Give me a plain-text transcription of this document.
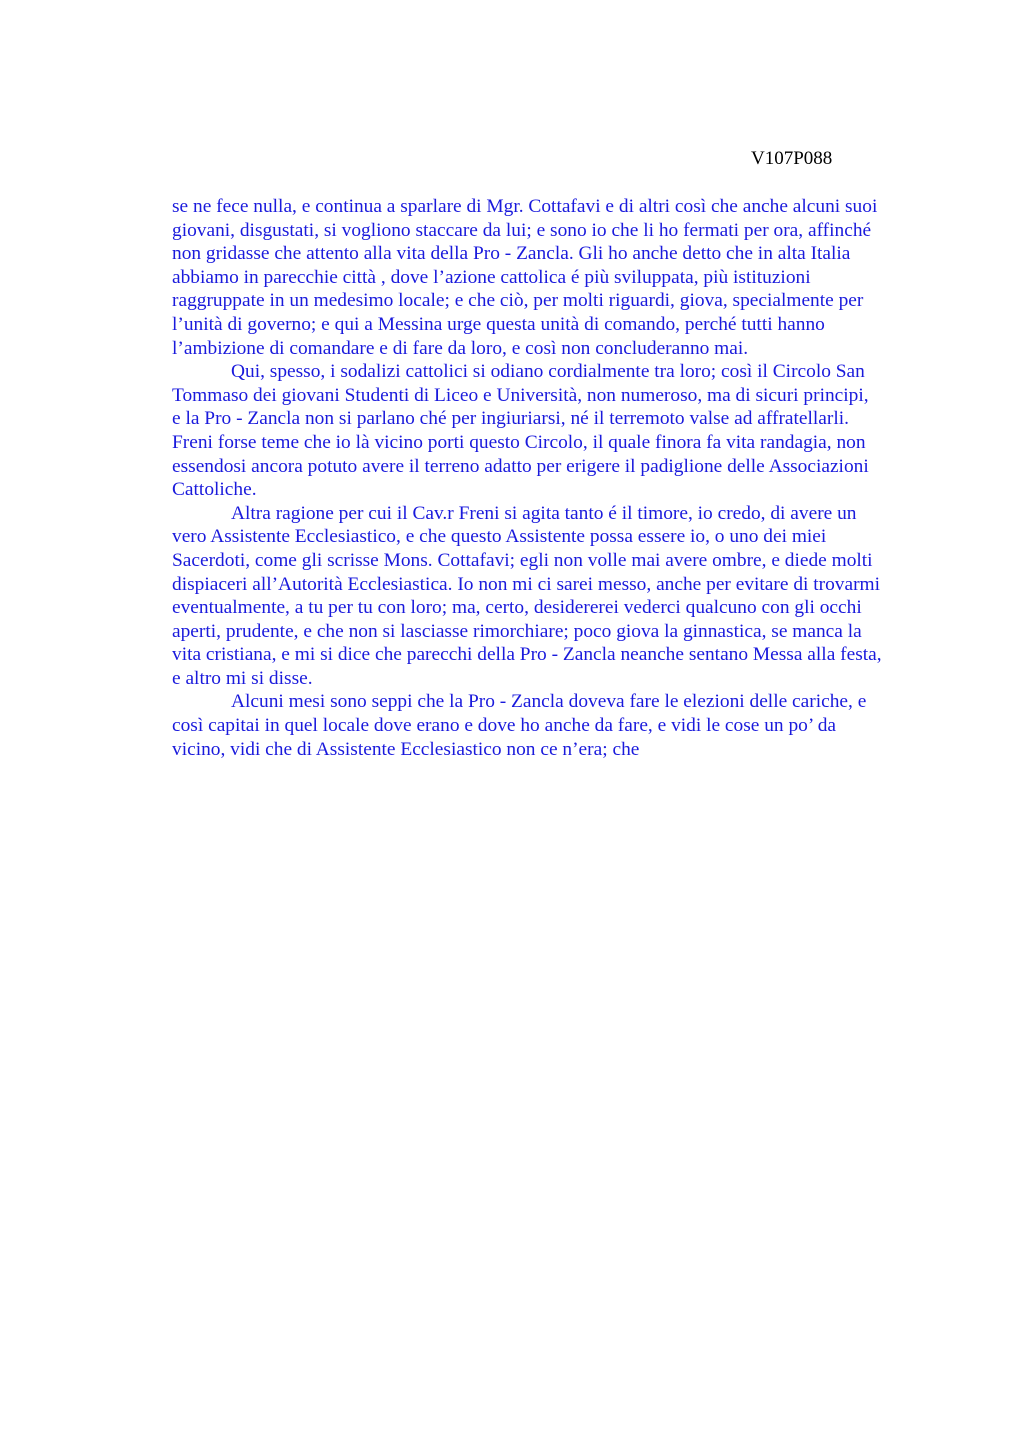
V107P088
se ne fece nulla, e continua a sparlare di Mgr. Cottafavi e di altri così che anche alcuni suoi
giovani, disgustati, si vogliono staccare da lui; e sono io che li ho fermati per ora, affinché
non gridasse che attento alla vita della Pro - Zancla. Gli ho anche detto che in alta Italia
abbiamo in parecchie città , dove l’azione cattolica é più sviluppata, più istituzioni
raggruppate in un medesimo locale; e che ciò, per molti riguardi, giova, specialmente per
l’unità di governo; e qui a Messina urge questa unità di comando, perché tutti hanno
l’ambizione di comandare e di fare da loro, e così non concluderanno mai.
Qui, spesso, i sodalizi cattolici si odiano cordialmente tra loro; così il Circolo San
Tommaso dei giovani Studenti di Liceo e Università, non numeroso, ma di sicuri principi,
e la Pro - Zancla non si parlano ché per ingiuriarsi, né il terremoto valse ad affratellarli.
Freni forse teme che io là vicino porti questo Circolo, il quale finora fa vita randagia, non
essendosi ancora potuto avere il terreno adatto per erigere il padiglione delle Associazioni
Cattoliche.
Altra ragione per cui il Cav.r Freni si agita tanto é il timore, io credo, di avere un
vero Assistente Ecclesiastico, e che questo Assistente possa essere io, o uno dei miei
Sacerdoti, come gli scrisse Mons. Cottafavi; egli non volle mai avere ombre, e diede molti
dispiaceri all’Autorità Ecclesiastica. Io non mi ci sarei messo, anche per evitare di trovarmi
eventualmente, a tu per tu con loro; ma, certo, desidererei vederci qualcuno con gli occhi
aperti, prudente, e che non si lasciasse rimorchiare; poco giova la ginnastica, se manca la
vita cristiana, e mi si dice che parecchi della Pro - Zancla neanche sentano Messa alla festa,
e altro mi si disse.
Alcuni mesi sono seppi che la Pro - Zancla doveva fare le elezioni delle cariche, e
così capitai in quel locale dove erano e dove ho anche da fare, e vidi le cose un po’ da
vicino, vidi che di Assistente Ecclesiastico non ce n’era; che
